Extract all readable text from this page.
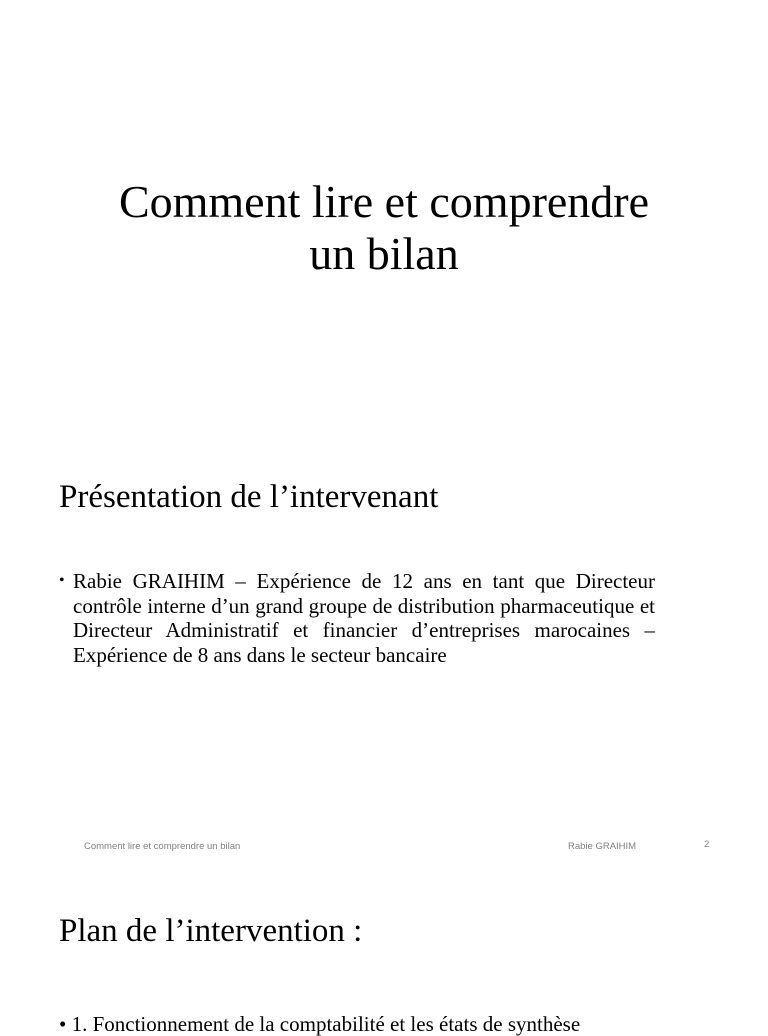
Comment lire et comprendre
un bilan
Présentation de l’intervenant
• Rabie GRAIHIM – Expérience de 12 ans en tant que Directeur contrôle interne d’un grand groupe de distribution pharmaceutique et Directeur Administratif et financier d’entreprises marocaines – Expérience de 8 ans dans le secteur bancaire
Comment lire et comprendre un bilan	Rabie GRAIHIM	2
Plan de l’intervention :
• 1. Fonctionnement de la comptabilité et les états de synthèse
